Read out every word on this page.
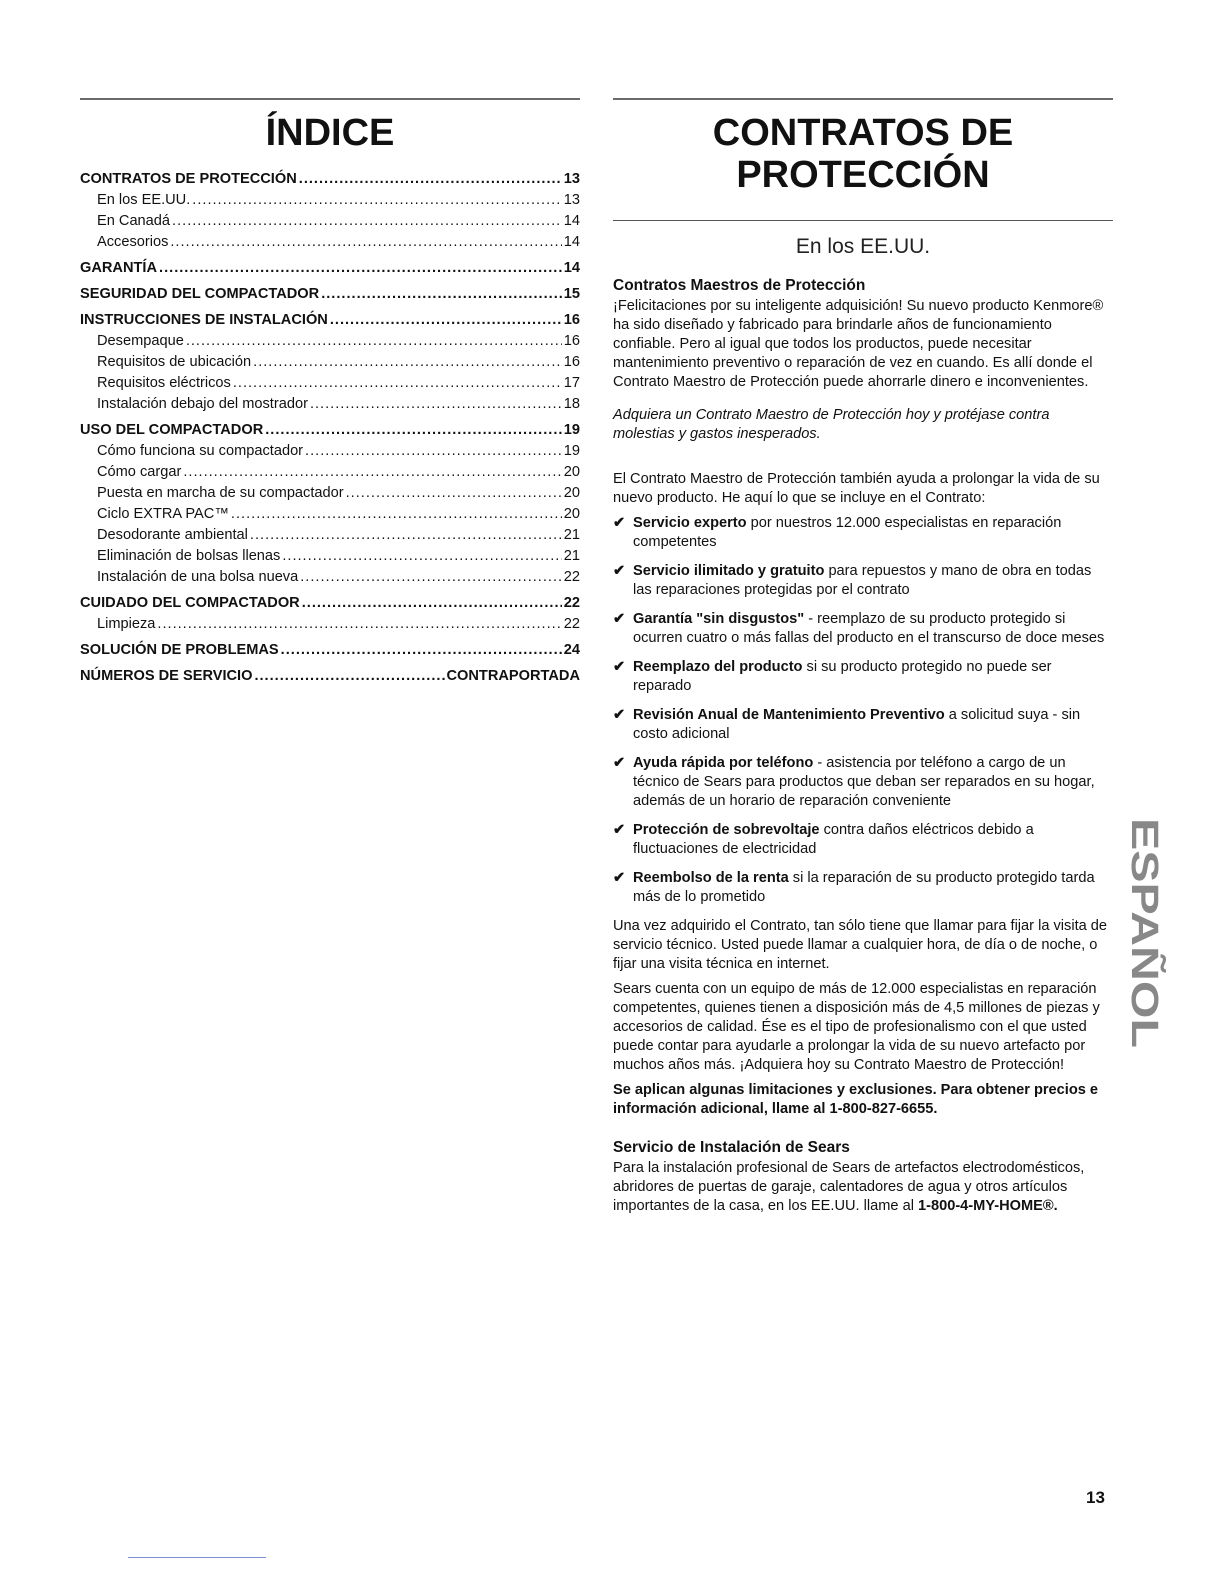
ÍNDICE
CONTRATOS DE PROTECCIÓN .....	13
En los EE.UU. .....	13
En Canadá .....	14
Accesorios .....	14
GARANTÍA .....	14
SEGURIDAD DEL COMPACTADOR .....	15
INSTRUCCIONES DE INSTALACIÓN .....	16
Desempaque .....	16
Requisitos de ubicación .....	16
Requisitos eléctricos .....	17
Instalación debajo del mostrador .....	18
USO DEL COMPACTADOR .....	19
Cómo funciona su compactador .....	19
Cómo cargar .....	20
Puesta en marcha de su compactador .....	20
Ciclo EXTRA PAC™ .....	20
Desodorante ambiental .....	21
Eliminación de bolsas llenas .....	21
Instalación de una bolsa nueva .....	22
CUIDADO DEL COMPACTADOR .....	22
Limpieza .....	22
SOLUCIÓN DE PROBLEMAS .....	24
NÚMEROS DE SERVICIO .....	CONTRAPORTADA
CONTRATOS DE
PROTECCIÓN
En los EE.UU.
Contratos Maestros de Protección

¡Felicitaciones por su inteligente adquisición! Su nuevo producto Kenmore® ha sido diseñado y fabricado para brindarle años de funcionamiento confiable. Pero al igual que todos los productos, puede necesitar mantenimiento preventivo o reparación de vez en cuando. Es allí donde el Contrato Maestro de Protección puede ahorrarle dinero e inconvenientes.

Adquiera un Contrato Maestro de Protección hoy y protéjase contra molestias y gastos inesperados.

El Contrato Maestro de Protección también ayuda a prolongar la vida de su nuevo producto. He aquí lo que se incluye en el Contrato:

✔ Servicio experto por nuestros 12.000 especialistas en reparación competentes
✔ Servicio ilimitado y gratuito para repuestos y mano de obra en todas las reparaciones protegidas por el contrato
✔ Garantía "sin disgustos" - reemplazo de su producto protegido si ocurren cuatro o más fallas del producto en el transcurso de doce meses
✔ Reemplazo del producto si su producto protegido no puede ser reparado
✔ Revisión Anual de Mantenimiento Preventivo a solicitud suya - sin costo adicional
✔ Ayuda rápida por teléfono - asistencia por teléfono a cargo de un técnico de Sears para productos que deban ser reparados en su hogar, además de un horario de reparación conveniente
✔ Protección de sobrevoltaje contra daños eléctricos debido a fluctuaciones de electricidad
✔ Reembolso de la renta si la reparación de su producto protegido tarda más de lo prometido

Una vez adquirido el Contrato, tan sólo tiene que llamar para fijar la visita de servicio técnico. Usted puede llamar a cualquier hora, de día o de noche, o fijar una visita técnica en internet.

Sears cuenta con un equipo de más de 12.000 especialistas en reparación competentes, quienes tienen a disposición más de 4,5 millones de piezas y accesorios de calidad. Ése es el tipo de profesionalismo con el que usted puede contar para ayudarle a prolongar la vida de su nuevo artefacto por muchos años más. ¡Adquiera hoy su Contrato Maestro de Protección!

Se aplican algunas limitaciones y exclusiones. Para obtener precios e información adicional, llame al 1-800-827-6655.

Servicio de Instalación de Sears

Para la instalación profesional de Sears de artefactos electrodomésticos, abridores de puertas de garaje, calentadores de agua y otros artículos importantes de la casa, en los EE.UU. llame al 1-800-4-MY-HOME®.

ESPAÑOL
13
